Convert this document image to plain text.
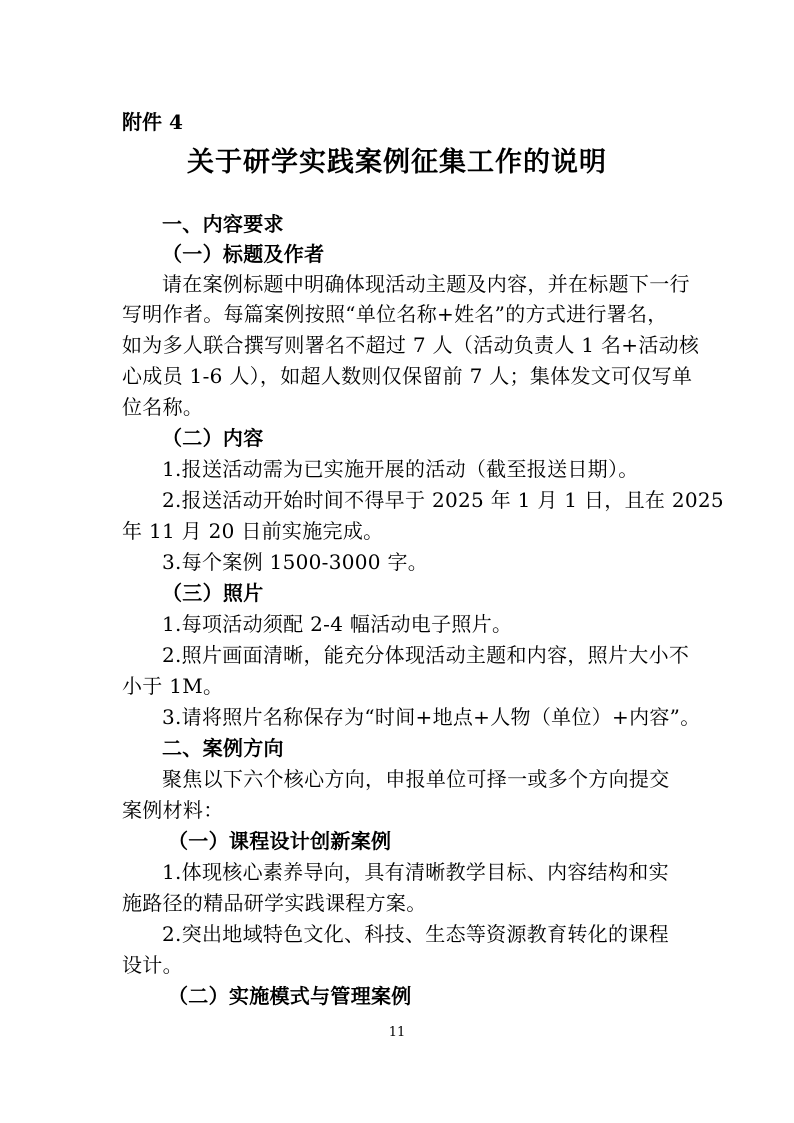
附件 4
关于研学实践案例征集工作的说明
一、内容要求
（一）标题及作者
请在案例标题中明确体现活动主题及内容，并在标题下一行
写明作者。每篇案例按照“单位名称+姓名”的方式进行署名，
如为多人联合撰写则署名不超过 7 人（活动负责人 1 名+活动核
心成员 1-6 人），如超人数则仅保留前 7 人；集体发文可仅写单
位名称。
（二）内容
1.报送活动需为已实施开展的活动（截至报送日期）。
2.报送活动开始时间不得早于 2025 年 1 月 1 日，且在 2025
年 11 月 20 日前实施完成。
3.每个案例 1500-3000 字。
（三）照片
1.每项活动须配 2-4 幅活动电子照片。
2.照片画面清晰，能充分体现活动主题和内容，照片大小不
小于 1M。
3.请将照片名称保存为“时间+地点+人物（单位）+内容”。
二、案例方向
聚焦以下六个核心方向，申报单位可择一或多个方向提交
案例材料：
（一）课程设计创新案例
1.体现核心素养导向，具有清晰教学目标、内容结构和实
施路径的精品研学实践课程方案。
2.突出地域特色文化、科技、生态等资源教育转化的课程
设计。
（二）实施模式与管理案例
11
